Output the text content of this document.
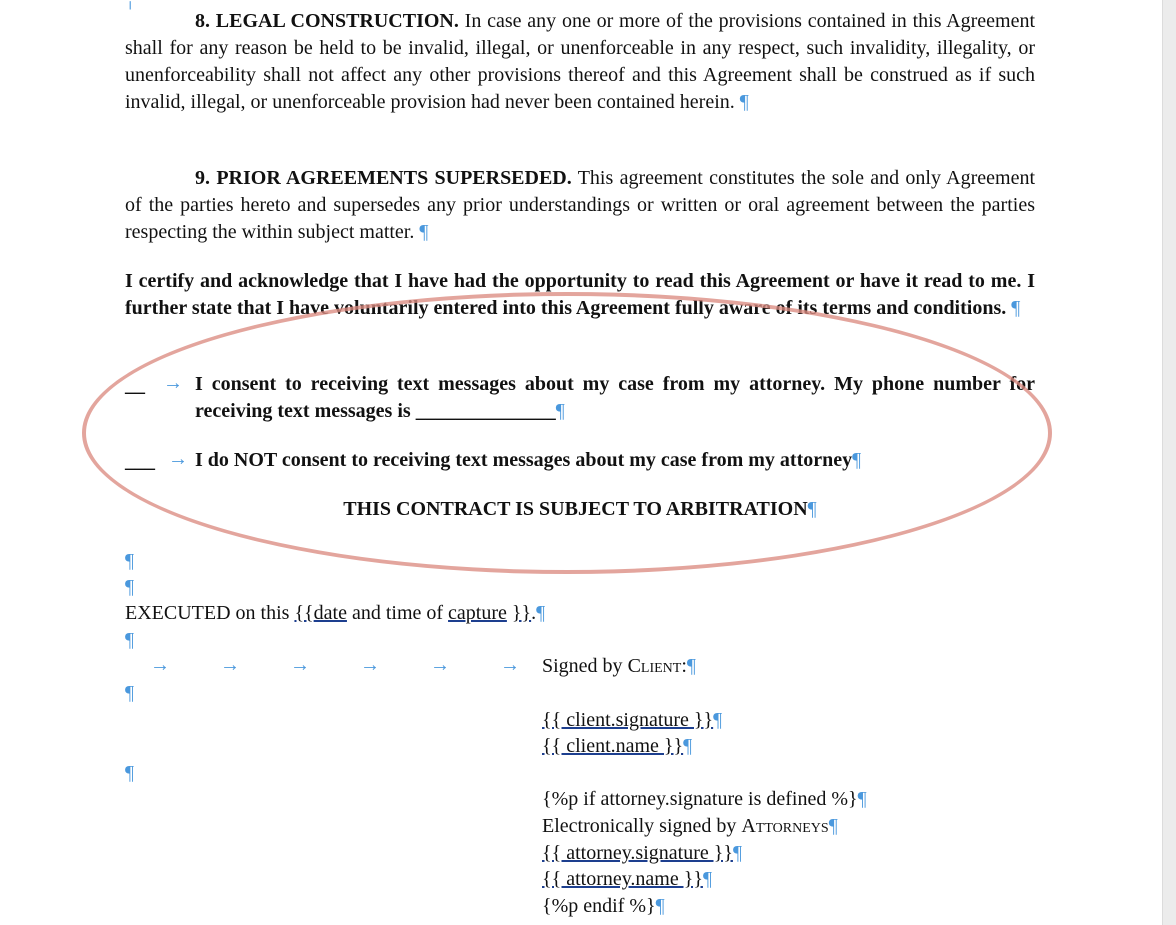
╷
8. LEGAL CONSTRUCTION. In case any one or more of the provisions contained in this Agreement shall for any reason be held to be invalid, illegal, or unenforceable in any respect, such invalidity, illegality, or unenforceability shall not affect any other provisions thereof and this Agreement shall be construed as if such invalid, illegal, or unenforceable provision had never been contained herein. ¶
9. PRIOR AGREEMENTS SUPERSEDED. This agreement constitutes the sole and only Agreement of the parties hereto and supersedes any prior understandings or written or oral agreement between the parties respecting the within subject matter. ¶
I certify and acknowledge that I have had the opportunity to read this Agreement or have it read to me. I further state that I have voluntarily entered into this Agreement fully aware of its terms and conditions. ¶
__ → I consent to receiving text messages about my case from my attorney. My phone number for receiving text messages is ______________¶
___ → I do NOT consent to receiving text messages about my case from my attorney¶
THIS CONTRACT IS SUBJECT TO ARBITRATION¶
¶
¶
EXECUTED on this {{date and time of capture }}.¶
¶
→	→	→	→	→	→ Signed by Client:¶
¶
{{ client.signature }}¶
{{ client.name }}¶
¶
{%p if attorney.signature is defined %}¶
Electronically signed by Attorneys¶
{{ attorney.signature }}¶
{{ attorney.name }}¶
{%p endif %}¶
